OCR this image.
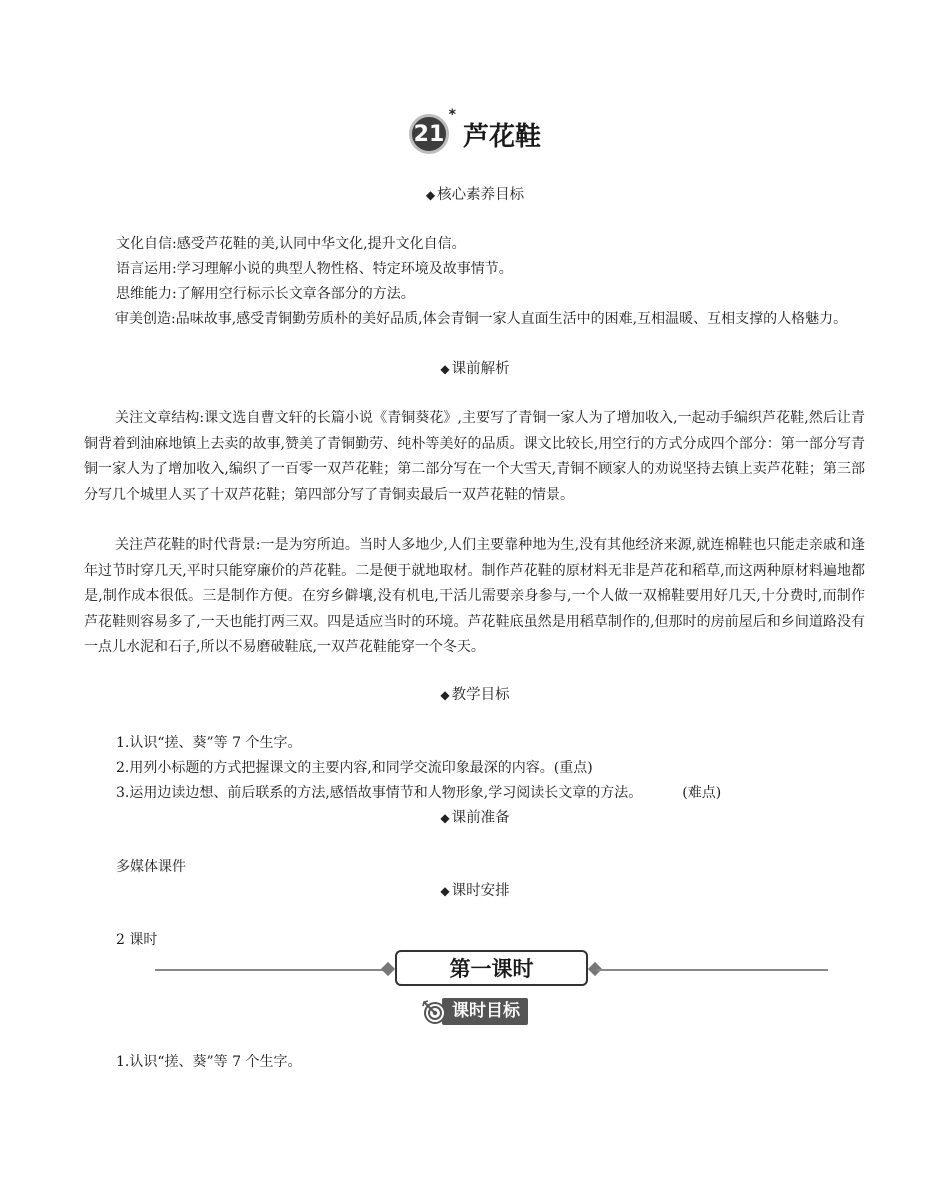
21
*
芦花鞋
◆ 核心素养目标
文化自信:感受芦花鞋的美,认同中华文化,提升文化自信。
语言运用:学习理解小说的典型人物性格、特定环境及故事情节。
思维能力:了解用空行标示长文章各部分的方法。

审美创造:品味故事,感受青铜勤劳质朴的美好品质,体会青铜一家人直面生活中的困难,互相温暖、互相支撑的人格魅力。

◆ 课前解析

关注文章结构:课文选自曹文轩的长篇小说《青铜葵花》,主要写了青铜一家人为了增加收入,一起动手编织芦花鞋,然后让青铜背着到油麻地镇上去卖的故事,赞美了青铜勤劳、纯朴等美好的品质。课文比较长,用空行的方式分成四个部分：第一部分写青铜一家人为了增加收入,编织了一百零一双芦花鞋；第二部分写在一个大雪天,青铜不顾家人的劝说坚持去镇上卖芦花鞋；第三部分写几个城里人买了十双芦花鞋；第四部分写了青铜卖最后一双芦花鞋的情景。

关注芦花鞋的时代背景:一是为穷所迫。当时人多地少,人们主要靠种地为生,没有其他经济来源,就连棉鞋也只能走亲戚和逢年过节时穿几天,平时只能穿廉价的芦花鞋。二是便于就地取材。制作芦花鞋的原材料无非是芦花和稻草,而这两种原材料遍地都是,制作成本很低。三是制作方便。在穷乡僻壤,没有机电,干活儿需要亲身参与,一个人做一双棉鞋要用好几天,十分费时,而制作芦花鞋则容易多了,一天也能打两三双。四是适应当时的环境。芦花鞋底虽然是用稻草制作的,但那时的房前屋后和乡间道路没有一点儿水泥和石子,所以不易磨破鞋底,一双芦花鞋能穿一个冬天。

◆ 教学目标
1.认识“搓、葵”等 7 个生字。
2.用列小标题的方式把握课文的主要内容,和同学交流印象最深的内容。(重点)
3.运用边读边想、前后联系的方法,感悟故事情节和人物形象,学习阅读长文章的方法。	(难点)
◆ 课前准备
多媒体课件
◆ 课时安排
2 课时
第一课时
课时目标
1.认识“搓、葵”等 7 个生字。
